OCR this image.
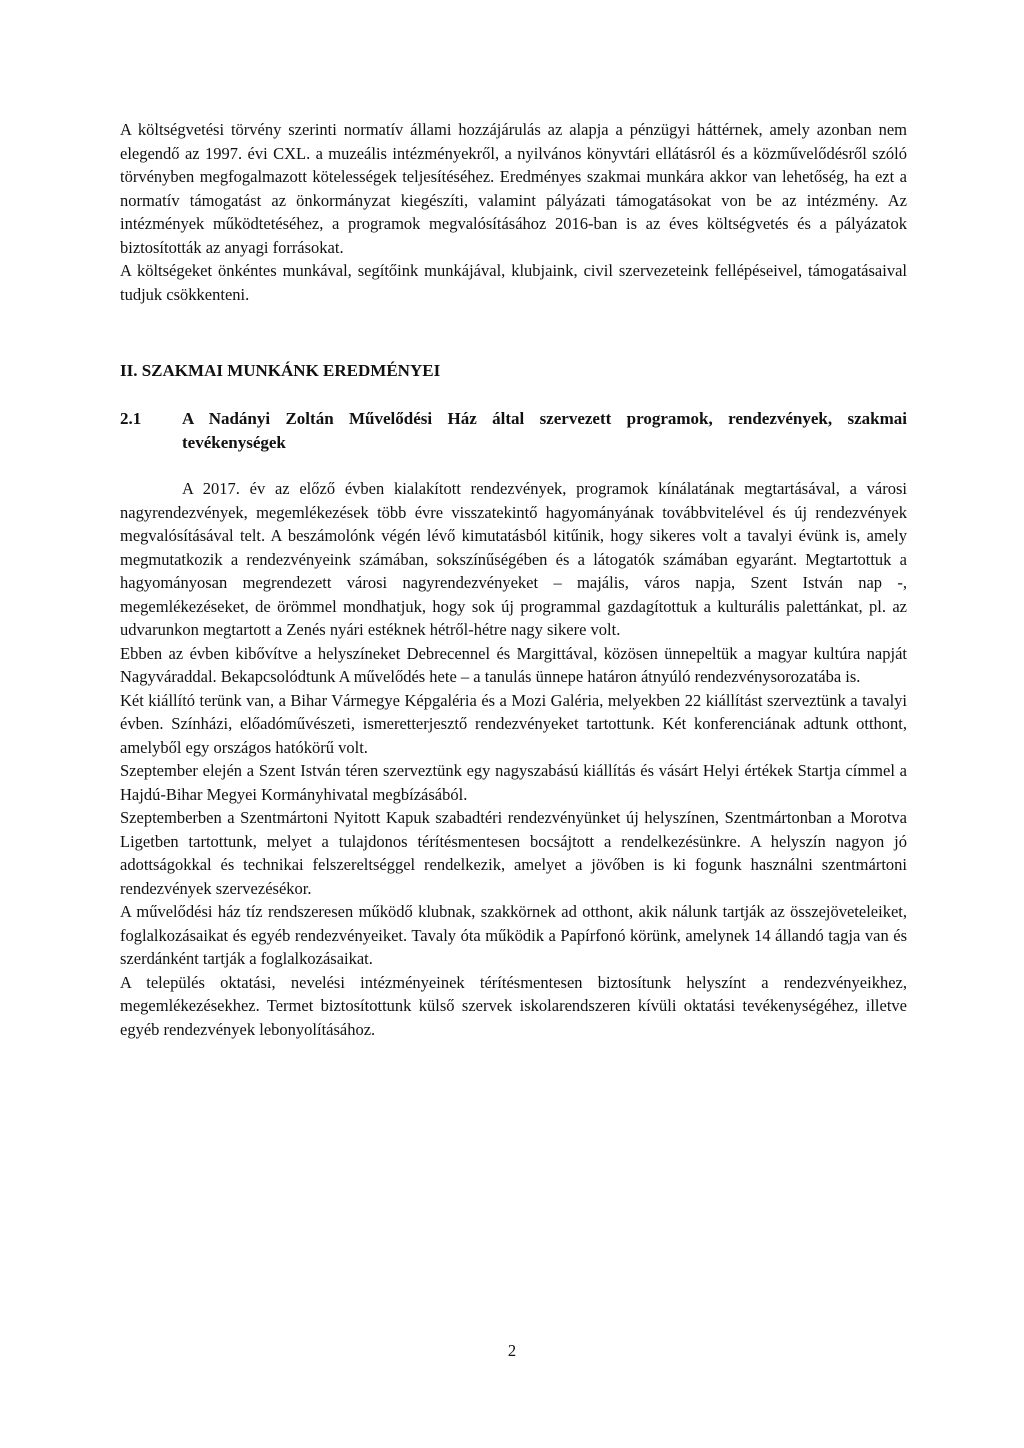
A költségvetési törvény szerinti normatív állami hozzájárulás az alapja a pénzügyi háttérnek, amely azonban nem elegendő az 1997. évi CXL. a muzeális intézményekről, a nyilvános könyvtári ellátásról és a közművelődésről szóló törvényben megfogalmazott kötelességek teljesítéséhez. Eredményes szakmai munkára akkor van lehetőség, ha ezt a normatív támogatást az önkormányzat kiegészíti, valamint pályázati támogatásokat von be az intézmény. Az intézmények működtetéséhez, a programok megvalósításához 2016-ban is az éves költségvetés és a pályázatok biztosították az anyagi forrásokat.

A költségeket önkéntes munkával, segítőink munkájával, klubjaink, civil szervezeteink fellépéseivel, támogatásaival tudjuk csökkenteni.

II. SZAKMAI MUNKÁNK EREDMÉNYEI
2.1	A Nadányi Zoltán Művelődési Ház által szervezett programok, rendezvények, szakmai tevékenységek

A 2017. év az előző évben kialakított rendezvények, programok kínálatának megtartásával, a városi nagyrendezvények, megemlékezések több évre visszatekintő hagyományának továbbvitelével és új rendezvények megvalósításával telt. A beszámolónk végén lévő kimutatásból kitűnik, hogy sikeres volt a tavalyi évünk is, amely megmutatkozik a rendezvényeink számában, sokszínűségében és a látogatók számában egyaránt. Megtartottuk a hagyományosan megrendezett városi nagyrendezvényeket – majális, város napja, Szent István nap -, megemlékezéseket, de örömmel mondhatjuk, hogy sok új programmal gazdagítottuk a kulturális palettánkat, pl. az udvarunkon megtartott a Zenés nyári estéknek hétről-hétre nagy sikere volt.

Ebben az évben kibővítve a helyszíneket Debrecennel és Margittával, közösen ünnepeltük a magyar kultúra napját Nagyváraddal. Bekapcsolódtunk A művelődés hete – a tanulás ünnepe határon átnyúló rendezvénysorozatába is.

Két kiállító terünk van, a Bihar Vármegye Képgaléria és a Mozi Galéria, melyekben 22 kiállítást szerveztünk a tavalyi évben. Színházi, előadóművészeti, ismeretterjesztő rendezvényeket tartottunk. Két konferenciának adtunk otthont, amelyből egy országos hatókörű volt.

Szeptember elején a Szent István téren szerveztünk egy nagyszabású kiállítás és vásárt Helyi értékek Startja címmel a Hajdú-Bihar Megyei Kormányhivatal megbízásából.

Szeptemberben a Szentmártoni Nyitott Kapuk szabadtéri rendezvényünket új helyszínen, Szentmártonban a Morotva Ligetben tartottunk, melyet a tulajdonos térítésmentesen bocsájtott a rendelkezésünkre. A helyszín nagyon jó adottságokkal és technikai felszereltséggel rendelkezik, amelyet a jövőben is ki fogunk használni szentmártoni rendezvények szervezésékor.

A művelődési ház tíz rendszeresen működő klubnak, szakkörnek ad otthont, akik nálunk tartják az összejöveteleiket, foglalkozásaikat és egyéb rendezvényeiket. Tavaly óta működik a Papírfonó körünk, amelynek 14 állandó tagja van és szerdánként tartják a foglalkozásaikat.

A település oktatási, nevelési intézményeinek térítésmentesen biztosítunk helyszínt a rendezvényeikhez, megemlékezésekhez. Termet biztosítottunk külső szervek iskolarendszeren kívüli oktatási tevékenységéhez, illetve egyéb rendezvények lebonyolításához.

2
